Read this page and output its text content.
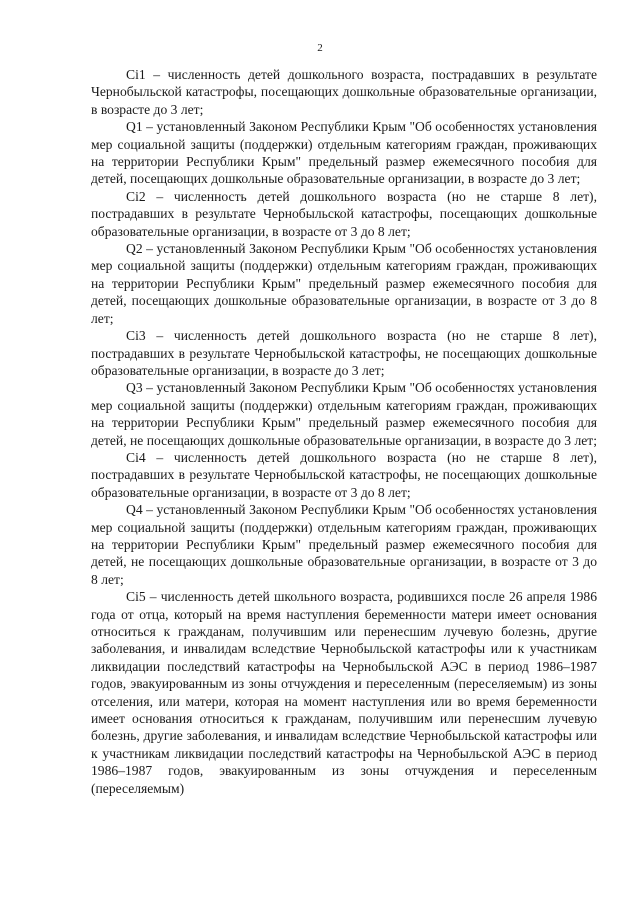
2

Ci1 – численность детей дошкольного возраста, пострадавших в результате Чернобыльской катастрофы, посещающих дошкольные образовательные организации, в возрасте до 3 лет;

Q1 – установленный Законом Республики Крым "Об особенностях установления мер социальной защиты (поддержки) отдельным категориям граждан, проживающих на территории Республики Крым" предельный размер ежемесячного пособия для детей, посещающих дошкольные образовательные организации, в возрасте до 3 лет;

Ci2 – численность детей дошкольного возраста (но не старше 8 лет), пострадавших в результате Чернобыльской катастрофы, посещающих дошкольные образовательные организации, в возрасте от 3 до 8 лет;

Q2 – установленный Законом Республики Крым "Об особенностях установления мер социальной защиты (поддержки) отдельным категориям граждан, проживающих на территории Республики Крым" предельный размер ежемесячного пособия для детей, посещающих дошкольные образовательные организации, в возрасте от 3 до 8 лет;

Ci3 – численность детей дошкольного возраста (но не старше 8 лет), пострадавших в результате Чернобыльской катастрофы, не посещающих дошкольные образовательные организации, в возрасте до 3 лет;

Q3 – установленный Законом Республики Крым "Об особенностях установления мер социальной защиты (поддержки) отдельным категориям граждан, проживающих на территории Республики Крым" предельный размер ежемесячного пособия для детей, не посещающих дошкольные образовательные организации, в возрасте до 3 лет;

Ci4 – численность детей дошкольного возраста (но не старше 8 лет), пострадавших в результате Чернобыльской катастрофы, не посещающих дошкольные образовательные организации, в возрасте от 3 до 8 лет;

Q4 – установленный Законом Республики Крым "Об особенностях установления мер социальной защиты (поддержки) отдельным категориям граждан, проживающих на территории Республики Крым" предельный размер ежемесячного пособия для детей, не посещающих дошкольные образовательные организации, в возрасте от 3 до 8 лет;

Ci5 – численность детей школьного возраста, родившихся после 26 апреля 1986 года от отца, который на время наступления беременности матери имеет основания относиться к гражданам, получившим или перенесшим лучевую болезнь, другие заболевания, и инвалидам вследствие Чернобыльской катастрофы или к участникам ликвидации последствий катастрофы на Чернобыльской АЭС в период 1986–1987 годов, эвакуированным из зоны отчуждения и переселенным (переселяемым) из зоны отселения, или матери, которая на момент наступления или во время беременности имеет основания относиться к гражданам, получившим или перенесшим лучевую болезнь, другие заболевания, и инвалидам вследствие Чернобыльской катастрофы или к участникам ликвидации последствий катастрофы на Чернобыльской АЭС в период 1986–1987 годов, эвакуированным из зоны отчуждения и переселенным (переселяемым)
